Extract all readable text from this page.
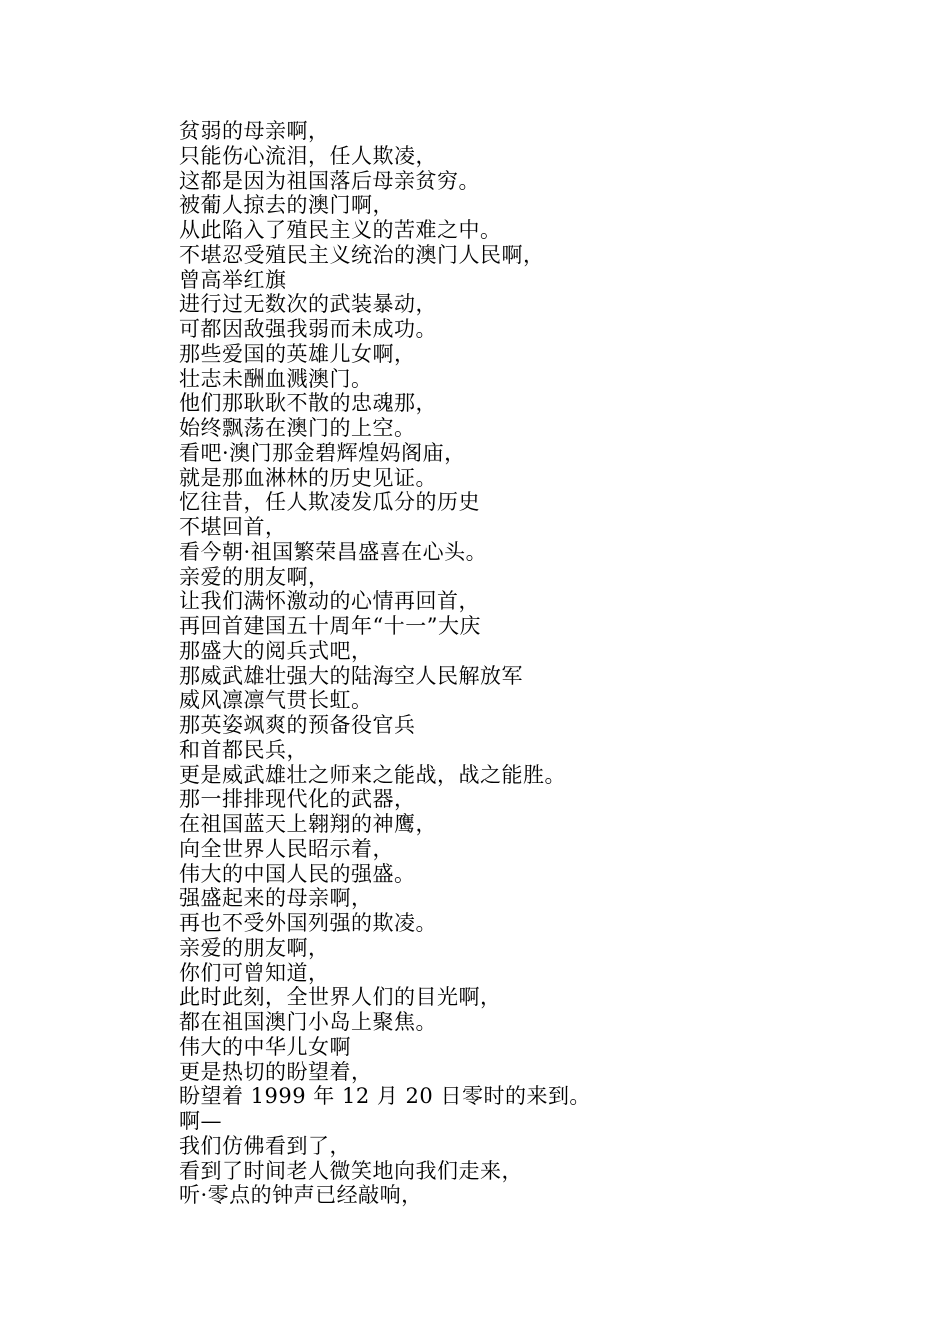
贫弱的母亲啊，
只能伤心流泪，任人欺凌，
这都是因为祖国落后母亲贫穷。
被葡人掠去的澳门啊，
从此陷入了殖民主义的苦难之中。
不堪忍受殖民主义统治的澳门人民啊，
曾高举红旗
进行过无数次的武装暴动，
可都因敌强我弱而未成功。
那些爱国的英雄儿女啊，
壮志未酬血溅澳门。
他们那耿耿不散的忠魂那，
始终飘荡在澳门的上空。
看吧·澳门那金碧辉煌妈阁庙，
就是那血淋林的历史见证。
忆往昔，任人欺凌发瓜分的历史
不堪回首，
看今朝·祖国繁荣昌盛喜在心头。
亲爱的朋友啊，
让我们满怀激动的心情再回首，
再回首建国五十周年“十一”大庆
那盛大的阅兵式吧，
那威武雄壮强大的陆海空人民解放军
威风凛凛气贯长虹。
那英姿飒爽的预备役官兵
和首都民兵，
更是威武雄壮之师来之能战，战之能胜。
那一排排现代化的武器，
在祖国蓝天上翱翔的神鹰，
向全世界人民昭示着，
伟大的中国人民的强盛。
强盛起来的母亲啊，
再也不受外国列强的欺凌。
亲爱的朋友啊，
你们可曾知道，
此时此刻，全世界人们的目光啊，
都在祖国澳门小岛上聚焦。
伟大的中华儿女啊
更是热切的盼望着，
盼望着 1999 年 12 月 20 日零时的来到。
啊—
我们仿佛看到了，
看到了时间老人微笑地向我们走来，
听·零点的钟声已经敲响，
